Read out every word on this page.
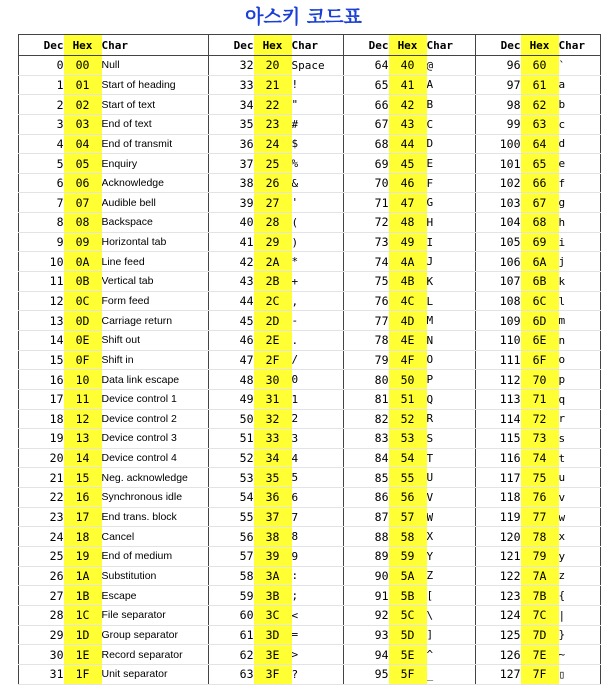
아스키 코드표
Dec	Hex	Char	Dec	Hex	Char	Dec	Hex	Char	Dec	Hex	Char
0	00	Null	32	20	Space	64	40	@	96	60	`
1	01	Start of heading	33	21	!	65	41	A	97	61	a
2	02	Start of text	34	22	"	66	42	B	98	62	b
3	03	End of text	35	23	#	67	43	C	99	63	c
4	04	End of transmit	36	24	$	68	44	D	100	64	d
5	05	Enquiry	37	25	%	69	45	E	101	65	e
6	06	Acknowledge	38	26	&	70	46	F	102	66	f
7	07	Audible bell	39	27	'	71	47	G	103	67	g
8	08	Backspace	40	28	(	72	48	H	104	68	h
9	09	Horizontal tab	41	29	)	73	49	I	105	69	i
10	0A	Line feed	42	2A	*	74	4A	J	106	6A	j
11	0B	Vertical tab	43	2B	+	75	4B	K	107	6B	k
12	0C	Form feed	44	2C	,	76	4C	L	108	6C	l
13	0D	Carriage return	45	2D	-	77	4D	M	109	6D	m
14	0E	Shift out	46	2E	.	78	4E	N	110	6E	n
15	0F	Shift in	47	2F	/	79	4F	O	111	6F	o
16	10	Data link escape	48	30	0	80	50	P	112	70	p
17	11	Device control 1	49	31	1	81	51	Q	113	71	q
18	12	Device control 2	50	32	2	82	52	R	114	72	r
19	13	Device control 3	51	33	3	83	53	S	115	73	s
20	14	Device control 4	52	34	4	84	54	T	116	74	t
21	15	Neg. acknowledge	53	35	5	85	55	U	117	75	u
22	16	Synchronous idle	54	36	6	86	56	V	118	76	v
23	17	End trans. block	55	37	7	87	57	W	119	77	w
24	18	Cancel	56	38	8	88	58	X	120	78	x
25	19	End of medium	57	39	9	89	59	Y	121	79	y
26	1A	Substitution	58	3A	:	90	5A	Z	122	7A	z
27	1B	Escape	59	3B	;	91	5B	[	123	7B	{
28	1C	File separator	60	3C	<	92	5C	\	124	7C	|
29	1D	Group separator	61	3D	=	93	5D	]	125	7D	}
30	1E	Record separator	62	3E	>	94	5E	^	126	7E	~
31	1F	Unit separator	63	3F	?	95	5F	_	127	7F	▯
